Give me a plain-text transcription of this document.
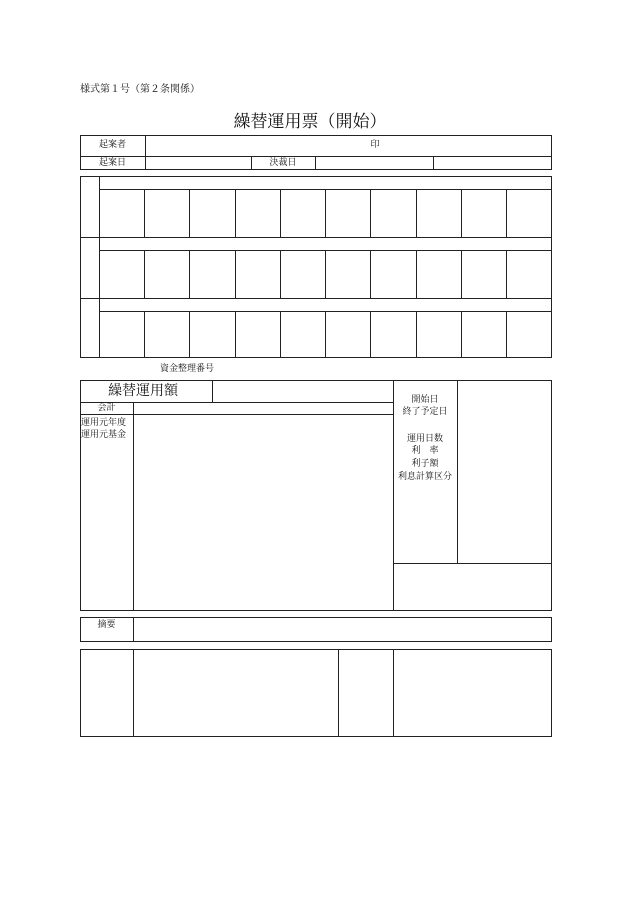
様式第１号（第２条関係）
繰替運用票（開始）
起案者	印
起案日	決裁日
資金整理番号
繰替運用額
会計
運用元年度
運用元基金
開始日
終了予定日
運用日数
利　率
利子額
利息計算区分
摘要
